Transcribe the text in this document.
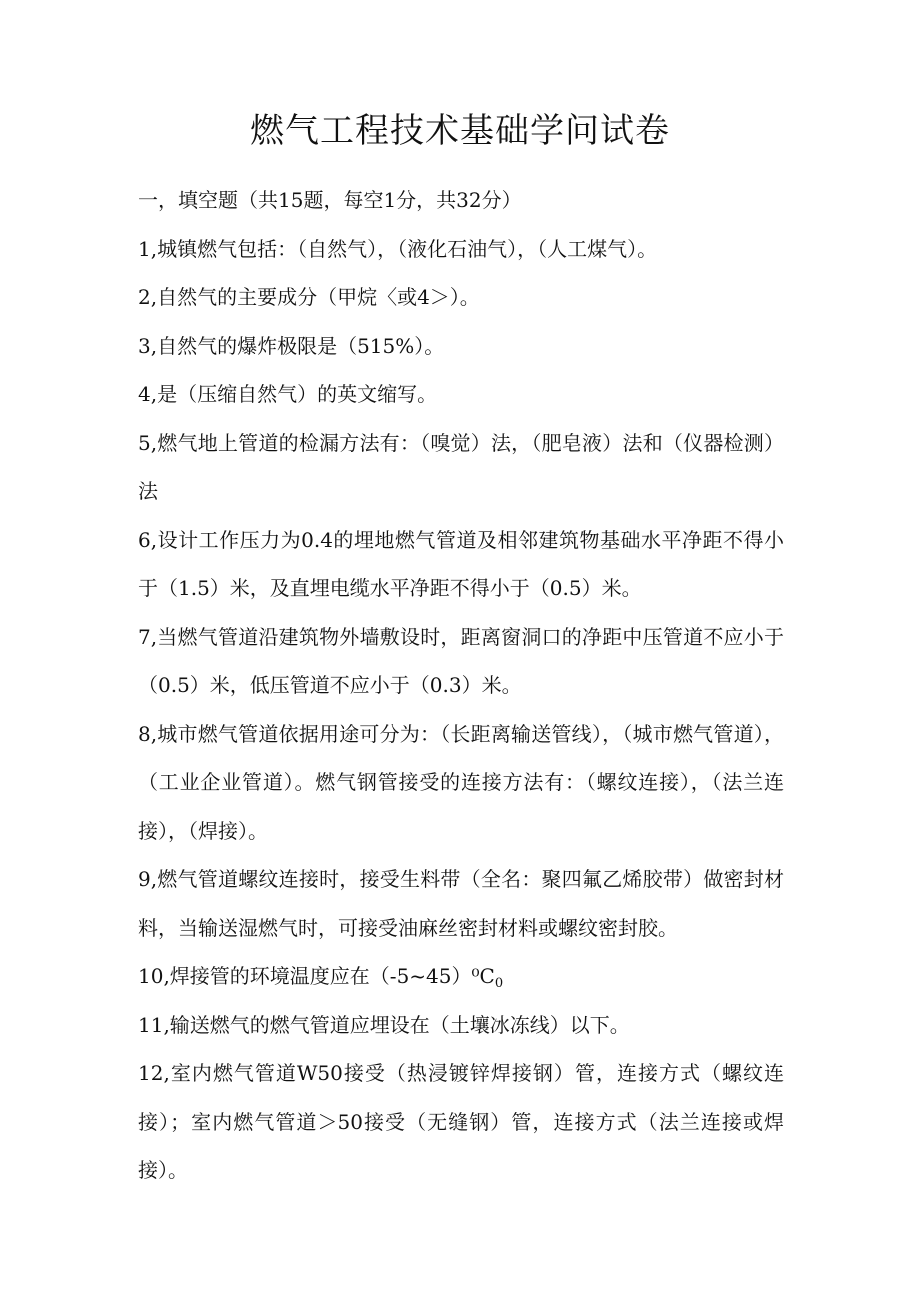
燃气工程技术基础学问试卷

一，填空题（共15题，每空1分，共32分）

1,城镇燃气包括：（自然气），（液化石油气），（人工煤气）。

2,自然气的主要成分（甲烷〈或4＞）。

3,自然气的爆炸极限是（515%）。

4,是（压缩自然气）的英文缩写。

5,燃气地上管道的检漏方法有：（嗅觉）法，（肥皂液）法和（仪器检测）法

6,设计工作压力为0.4的埋地燃气管道及相邻建筑物基础水平净距不得小于（1.5）米，及直埋电缆水平净距不得小于（0.5）米。

7,当燃气管道沿建筑物外墙敷设时，距离窗洞口的净距中压管道不应小于（0.5）米，低压管道不应小于（0.3）米。

8,城市燃气管道依据用途可分为：（长距离输送管线），（城市燃气管道），（工业企业管道）。燃气钢管接受的连接方法有：（螺纹连接），（法兰连接），（焊接）。

9,燃气管道螺纹连接时，接受生料带（全名：聚四氟乙烯胶带）做密封材料，当输送湿燃气时，可接受油麻丝密封材料或螺纹密封胶。

10,焊接管的环境温度应在$(-5\sim 45)^0C_0$

11,输送燃气的燃气管道应埋设在（土壤冰冻线）以下。

12,室内燃气管道W50接受（热浸镀锌焊接钢）管，连接方式（螺纹连接）；室内燃气管道＞50接受（无缝钢）管，连接方式（法兰连接或焊接）。
